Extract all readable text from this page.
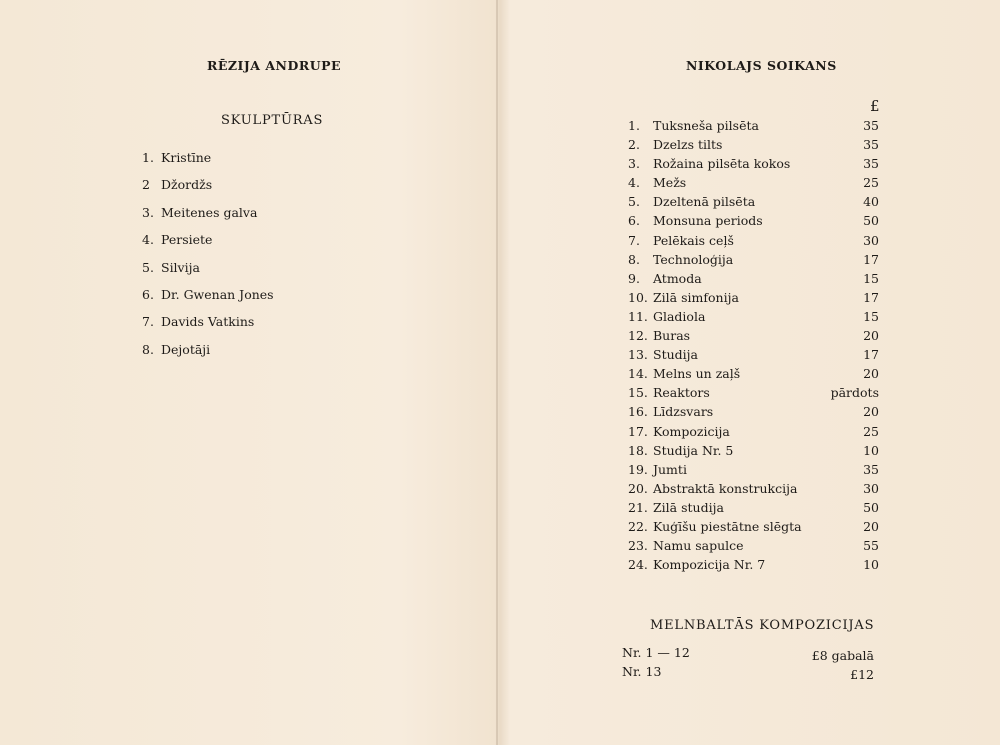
RĒZIJA ANDRUPE
SKULPTŪRAS
1. Kristīne
2 Džordžs
3. Meitenes galva
4. Persiete
5. Silvija
6. Dr. Gwenan Jones
7. Davids Vatkins
8. Dejotāji
NIKOLAJS SOIKANS
£
1. Tuksneša pilsēta	35
2. Dzelzs tilts	35
3. Rožaina pilsēta kokos	35
4. Mežs	25
5. Dzeltenā pilsēta	40
6. Monsuna periods	50
7. Pelēkais ceļš	30
8. Technoloģija	17
9. Atmoda	15
10. Zilā simfonija	17
11. Gladiola	15
12. Buras	20
13. Studija	17
14. Melns un zaļš	20
15. Reaktors	pārdots
16. Līdzsvars	20
17. Kompozicija	25
18. Studija Nr. 5	10
19. Jumti	35
20. Abstraktā konstrukcija	30
21. Zilā studija	50
22. Kuģīšu piestātne slēgta	20
23. Namu sapulce	55
24. Kompozicija Nr. 7	10
MELNBALTĀS KOMPOZICIJAS
Nr. 1 — 12	£8 gabalā
Nr. 13	£12
